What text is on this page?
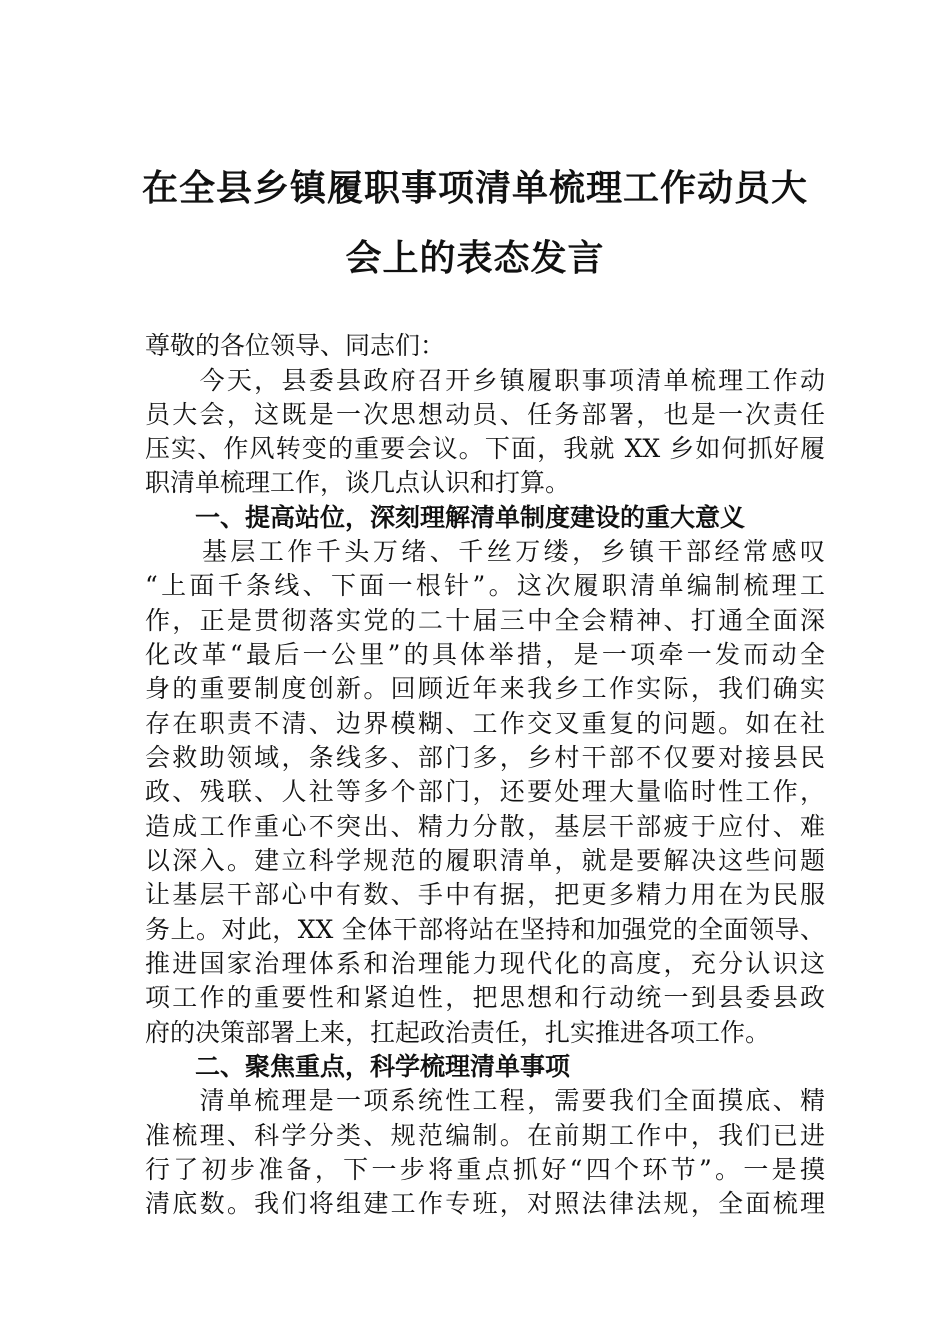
在全县乡镇履职事项清单梳理工作动员大
会上的表态发言
尊敬的各位领导、同志们：
　　今天，县委县政府召开乡镇履职事项清单梳理工作动
员大会，这既是一次思想动员、任务部署，也是一次责任
压实、作风转变的重要会议。下面，我就 XX 乡如何抓好履
职清单梳理工作，谈几点认识和打算。
　　一、提高站位，深刻理解清单制度建设的重大意义
　　基层工作千头万绪、千丝万缕，乡镇干部经常感叹
“上面千条线、下面一根针”。这次履职清单编制梳理工
作，正是贯彻落实党的二十届三中全会精神、打通全面深
化改革“最后一公里”的具体举措，是一项牵一发而动全
身的重要制度创新。回顾近年来我乡工作实际，我们确实
存在职责不清、边界模糊、工作交叉重复的问题。如在社
会救助领域，条线多、部门多，乡村干部不仅要对接县民
政、残联、人社等多个部门，还要处理大量临时性工作，
造成工作重心不突出、精力分散，基层干部疲于应付、难
以深入。建立科学规范的履职清单，就是要解决这些问题
让基层干部心中有数、手中有据，把更多精力用在为民服
务上。对此，XX 全体干部将站在坚持和加强党的全面领导、
推进国家治理体系和治理能力现代化的高度，充分认识这
项工作的重要性和紧迫性，把思想和行动统一到县委县政
府的决策部署上来，扛起政治责任，扎实推进各项工作。
　　二、聚焦重点，科学梳理清单事项
　　清单梳理是一项系统性工程，需要我们全面摸底、精
准梳理、科学分类、规范编制。在前期工作中，我们已进
行了初步准备，下一步将重点抓好“四个环节”。一是摸
清底数。我们将组建工作专班，对照法律法规，全面梳理
